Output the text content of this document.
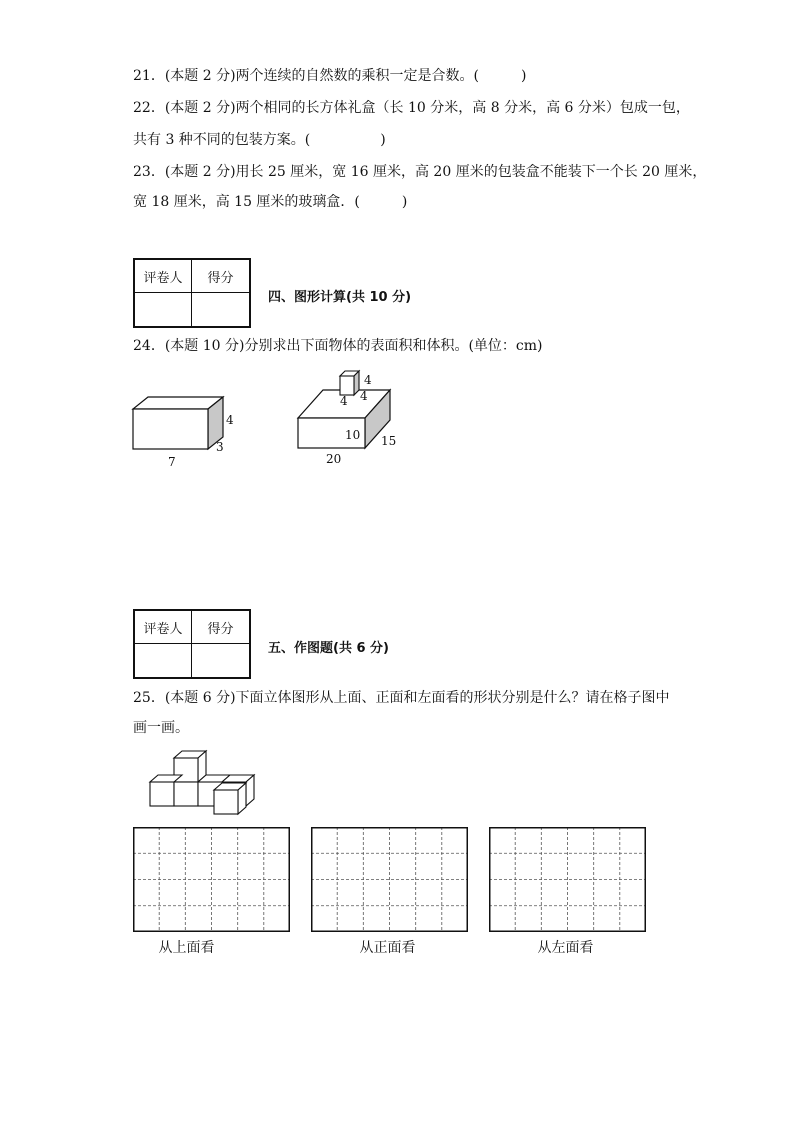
21．(本题 2 分)两个连续的自然数的乘积一定是合数。(　　　)
22．(本题 2 分)两个相同的长方体礼盒（长 10 分米，高 8 分米，高 6 分米）包成一包，
共有 3 种不同的包装方案。(　　　　　)
23．(本题 2 分)用长 25 厘米，宽 16 厘米，高 20 厘米的包装盒不能装下一个长 20 厘米，
宽 18 厘米，高 15 厘米的玻璃盒．(　　　)
评卷人	得分
四、图形计算(共 10 分)
24．(本题 10 分)分别求出下面物体的表面积和体积。(单位：cm)
4
3
7
4
4 4
10 15
20
评卷人	得分
五、作图题(共 6 分)
25．(本题 6 分)下面立体图形从上面、正面和左面看的形状分别是什么？请在格子图中
画一画。
从上面看	从正面看	从左面看
